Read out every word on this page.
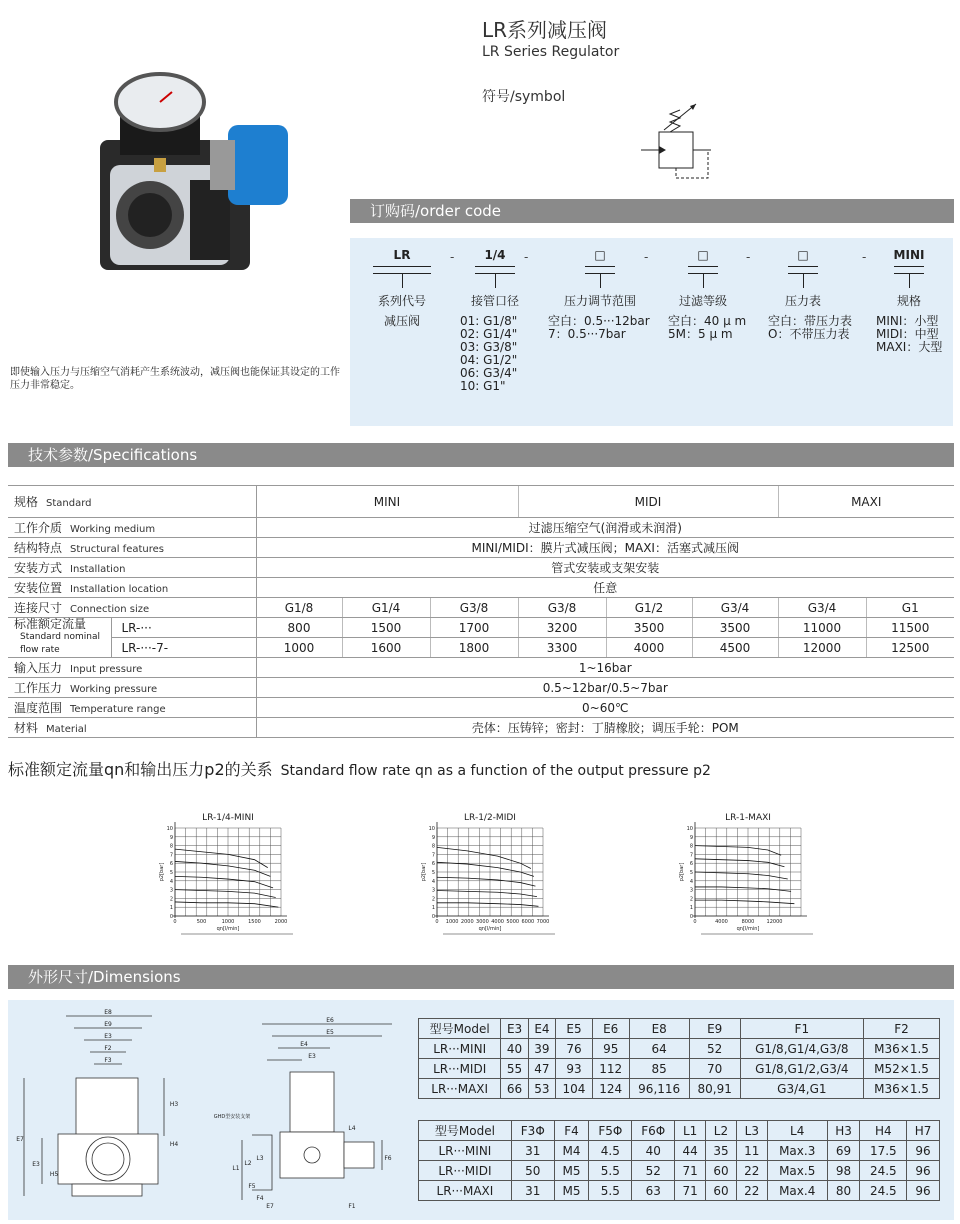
LR系列减压阀
LR Series Regulator
符号/symbol
订购码/order code
LR
系列代号
减压阀
-	1/4
接管口径
01: G1/8"
02: G1/4"
03: G3/8"
04: G1/2"
06: G3/4"
10: G1"
-	□
压力调节范围
空白：0.5···12bar
7：0.5···7bar
-	□
过滤等级
空白：40 μ m
5M：5 μ m
-	□
压力表
空白：带压力表
O：不带压力表
-	MINI
规格
MINI：小型
MIDI：中型
MAXI：大型
即使输入压力与压缩空气消耗产生系统波动，减压阀也能保证其设定的工作压力非常稳定。
技术参数/Specifications
规格 Standard		MINI			MIDI			MAXI	
工作介质 Working medium		过滤压缩空气(润滑或未润滑)							
结构特点 Structural features		MINI/MIDI：膜片式减压阀；MAXI：活塞式减压阀							
安装方式 Installation		管式安装或支架安装							
安装位置 Installation location		任意							
连接尺寸 Connection size		G1/8	G1/4	G3/8	G3/8	G1/2	G3/4	G3/4	G1
标准额定流量
Standard nominal
flow rate	LR-···	800	1500	1700	3200	3500	3500	11000	11500
	LR-···-7-	1000	1600	1800	3300	4000	4500	12000	12500
输入压力 Input pressure		1~16bar							
工作压力 Working pressure		0.5~12bar/0.5~7bar							
温度范围 Temperature range		0~60℃							
材料 Material		壳体：压铸锌；密封：丁腈橡胶；调压手轮：POM							
标准额定流量qn和输出压力p2的关系 Standard flow rate qn as a function of the output pressure p2
LR-1/4-MINI
0
1
2
3
4
5
6
7
8
9
10
0	500	1000	1500	2000
qn[l/min]
p2[bar]
LR-1/2-MIDI
0
1
2
3
4
5
6
7
8
9
10
0 1000 2000 3000 4000 5000 6000 7000
qn[l/min]
p2[bar]
LR-1-MAXI
0
1
2
3
4
5
6
7
8
9
10
0	4000	8000 12000
qn[l/min]
p2[bar]
外形尺寸/Dimensions
E8
E9
E3
F2
F3
H3
H5
H4
E7
E3
E6
E5
E4
E3
L4
L1
L2
L3	F6
F5
F4
E7	F1
GHD型安装支架
型号Model	E3	E4	E5	E6	E8	E9	F1	F2
LR···MINI	40	39	76	95	64	52	G1/8,G1/4,G3/8	M36×1.5
LR···MIDI	55	47	93	112	85	70	G1/8,G1/2,G3/4	M52×1.5
LR···MAXI	66	53	104	124	96,116	80,91	G3/4,G1	M36×1.5
型号Model	F3Φ	F4	F5Φ	F6Φ	L1	L2	L3	L4	H3	H4	H7
LR···MINI	31	M4	4.5	40	44	35	11	Max.3	69	17.5	96
LR···MIDI	50	M5	5.5	52	71	60	22	Max.5	98	24.5	96
LR···MAXI	31	M5	5.5	63	71	60	22	Max.4	80	24.5	96
